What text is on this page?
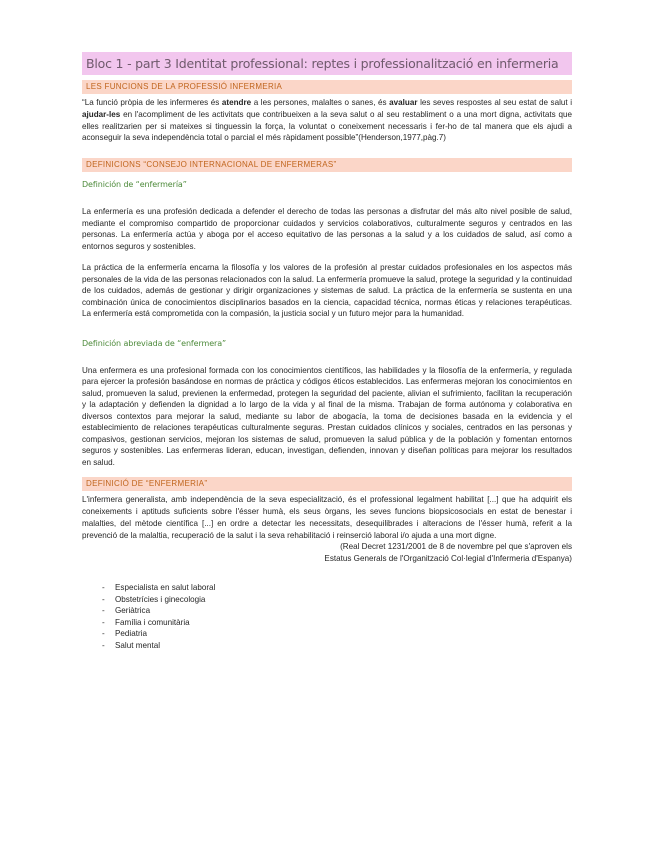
Bloc 1 - part 3 Identitat professional: reptes i professionalització en infermeria
LES FUNCIONS DE LA PROFESSIÓ INFERMERIA

“La funció pròpia de les infermeres és atendre a les persones, malaltes o sanes, és avaluar les seves respostes al seu estat de salut i ajudar-les en l'acompliment de les activitats que contribueixen a la seva salut o al seu restabliment o a una mort digna, activitats que elles realitzarien per si mateixes si tinguessin la força, la voluntat o coneixement necessaris i fer-ho de tal manera que els ajudi a aconseguir la seva independència total o parcial el més ràpidament possible”(Henderson,1977,pàg.7)

DEFINICIONS “CONSEJO INTERNACIONAL DE ENFERMERAS”
Definición de “enfermería”

La enfermería es una profesión dedicada a defender el derecho de todas las personas a disfrutar del más alto nivel posible de salud, mediante el compromiso compartido de proporcionar cuidados y servicios colaborativos, culturalmente seguros y centrados en las personas. La enfermería actúa y aboga por el acceso equitativo de las personas a la salud y a los cuidados de salud, así como a entornos seguros y sostenibles.

La práctica de la enfermería encarna la filosofía y los valores de la profesión al prestar cuidados profesionales en los aspectos más personales de la vida de las personas relacionados con la salud. La enfermería promueve la salud, protege la seguridad y la continuidad de los cuidados, además de gestionar y dirigir organizaciones y sistemas de salud. La práctica de la enfermería se sustenta en una combinación única de conocimientos disciplinarios basados en la ciencia, capacidad técnica, normas éticas y relaciones terapéuticas. La enfermería está comprometida con la compasión, la justicia social y un futuro mejor para la humanidad.

Definición abreviada de “enfermera”

Una enfermera es una profesional formada con los conocimientos científicos, las habilidades y la filosofía de la enfermería, y regulada para ejercer la profesión basándose en normas de práctica y códigos éticos establecidos. Las enfermeras mejoran los conocimientos en salud, promueven la salud, previenen la enfermedad, protegen la seguridad del paciente, alivian el sufrimiento, facilitan la recuperación y la adaptación y defienden la dignidad a lo largo de la vida y al final de la misma. Trabajan de forma autónoma y colaborativa en diversos contextos para mejorar la salud, mediante su labor de abogacía, la toma de decisiones basada en la evidencia y el establecimiento de relaciones terapéuticas culturalmente seguras. Prestan cuidados clínicos y sociales, centrados en las personas y compasivos, gestionan servicios, mejoran los sistemas de salud, promueven la salud pública y de la población y fomentan entornos seguros y sostenibles. Las enfermeras lideran, educan, investigan, defienden, innovan y diseñan políticas para mejorar los resultados en salud.

DEFINICIÓ DE “ENFERMERIA”

L'infermera generalista, amb independència de la seva especialització, és el professional legalment habilitat [...] que ha adquirit els coneixements i aptituds suficients sobre l'ésser humà, els seus òrgans, les seves funcions biopsicosocials en estat de benestar i malalties, del mètode científica [...] en ordre a detectar les necessitats, desequilibrades i alteracions de l'ésser humà, referit a la prevenció de la malaltia, recuperació de la salut i la seva rehabilitació i reinserció laboral i/o ajuda a una mort digne.

(Real Decret 1231/2001 de 8 de novembre pel que s'aproven els
Estatus Generals de l'Organització Col·legial d'Infermeria d'Espanya)
- Especialista en salut laboral
- Obstetrícies i ginecologia
- Geriàtrica
- Família i comunitària
- Pediatria
- Salut mental
